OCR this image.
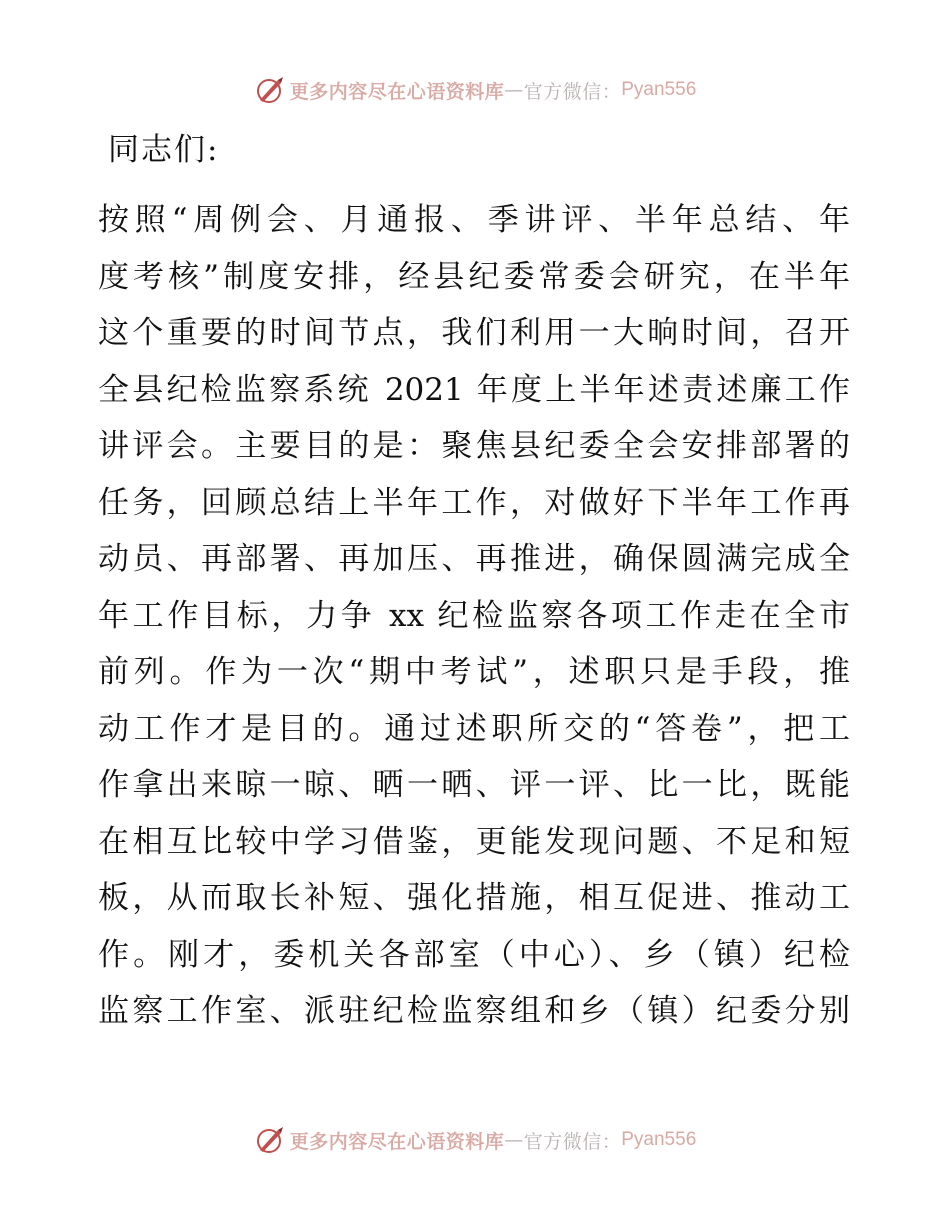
更多内容尽在心语资料库 — 官方微信： Pyan556
同志们:
按照“周例会、月通报、季讲评、半年总结、年
度考核”制度安排，经县纪委常委会研究，在半年
这个重要的时间节点，我们利用一大晌时间，召开
全县纪检监察系统 2021 年度上半年述责述廉工作
讲评会。主要目的是：聚焦县纪委全会安排部署的
任务，回顾总结上半年工作，对做好下半年工作再
动员、再部署、再加压、再推进，确保圆满完成全
年工作目标，力争 xx 纪检监察各项工作走在全市
前列。作为一次“期中考试”，述职只是手段，推
动工作才是目的。通过述职所交的“答卷”，把工
作拿出来晾一晾、晒一晒、评一评、比一比，既能
在相互比较中学习借鉴，更能发现问题、不足和短
板，从而取长补短、强化措施，相互促进、推动工
作。刚才，委机关各部室（中心）、乡（镇）纪检
监察工作室、派驻纪检监察组和乡（镇）纪委分别
更多内容尽在心语资料库 — 官方微信： Pyan556
